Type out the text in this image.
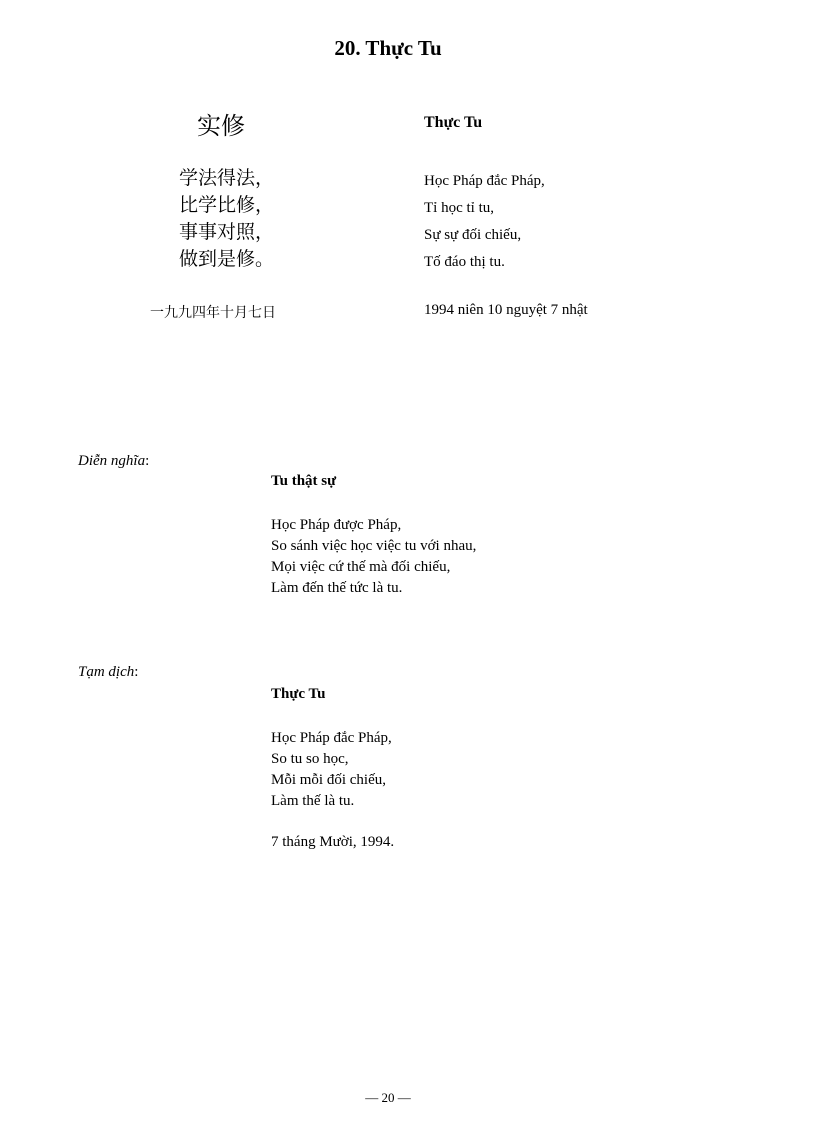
20. Thực Tu
实修
学法得法，
比学比修，
事事对照，
做到是修。
一九九四年十月七日
Thực Tu
Học Pháp đắc Pháp,
Tỉ học tỉ tu,
Sự sự đối chiếu,
Tố đáo thị tu.
1994 niên 10 nguyệt 7 nhật
Diễn nghĩa:
Tu thật sự
Học Pháp được Pháp,
So sánh việc học việc tu với nhau,
Mọi việc cứ thế mà đối chiếu,
Làm đến thế tức là tu.
Tạm dịch:
Thực Tu
Học Pháp đắc Pháp,
So tu so học,
Mỗi mỗi đối chiếu,
Làm thế là tu.
7 tháng Mười, 1994.
— 20 —
